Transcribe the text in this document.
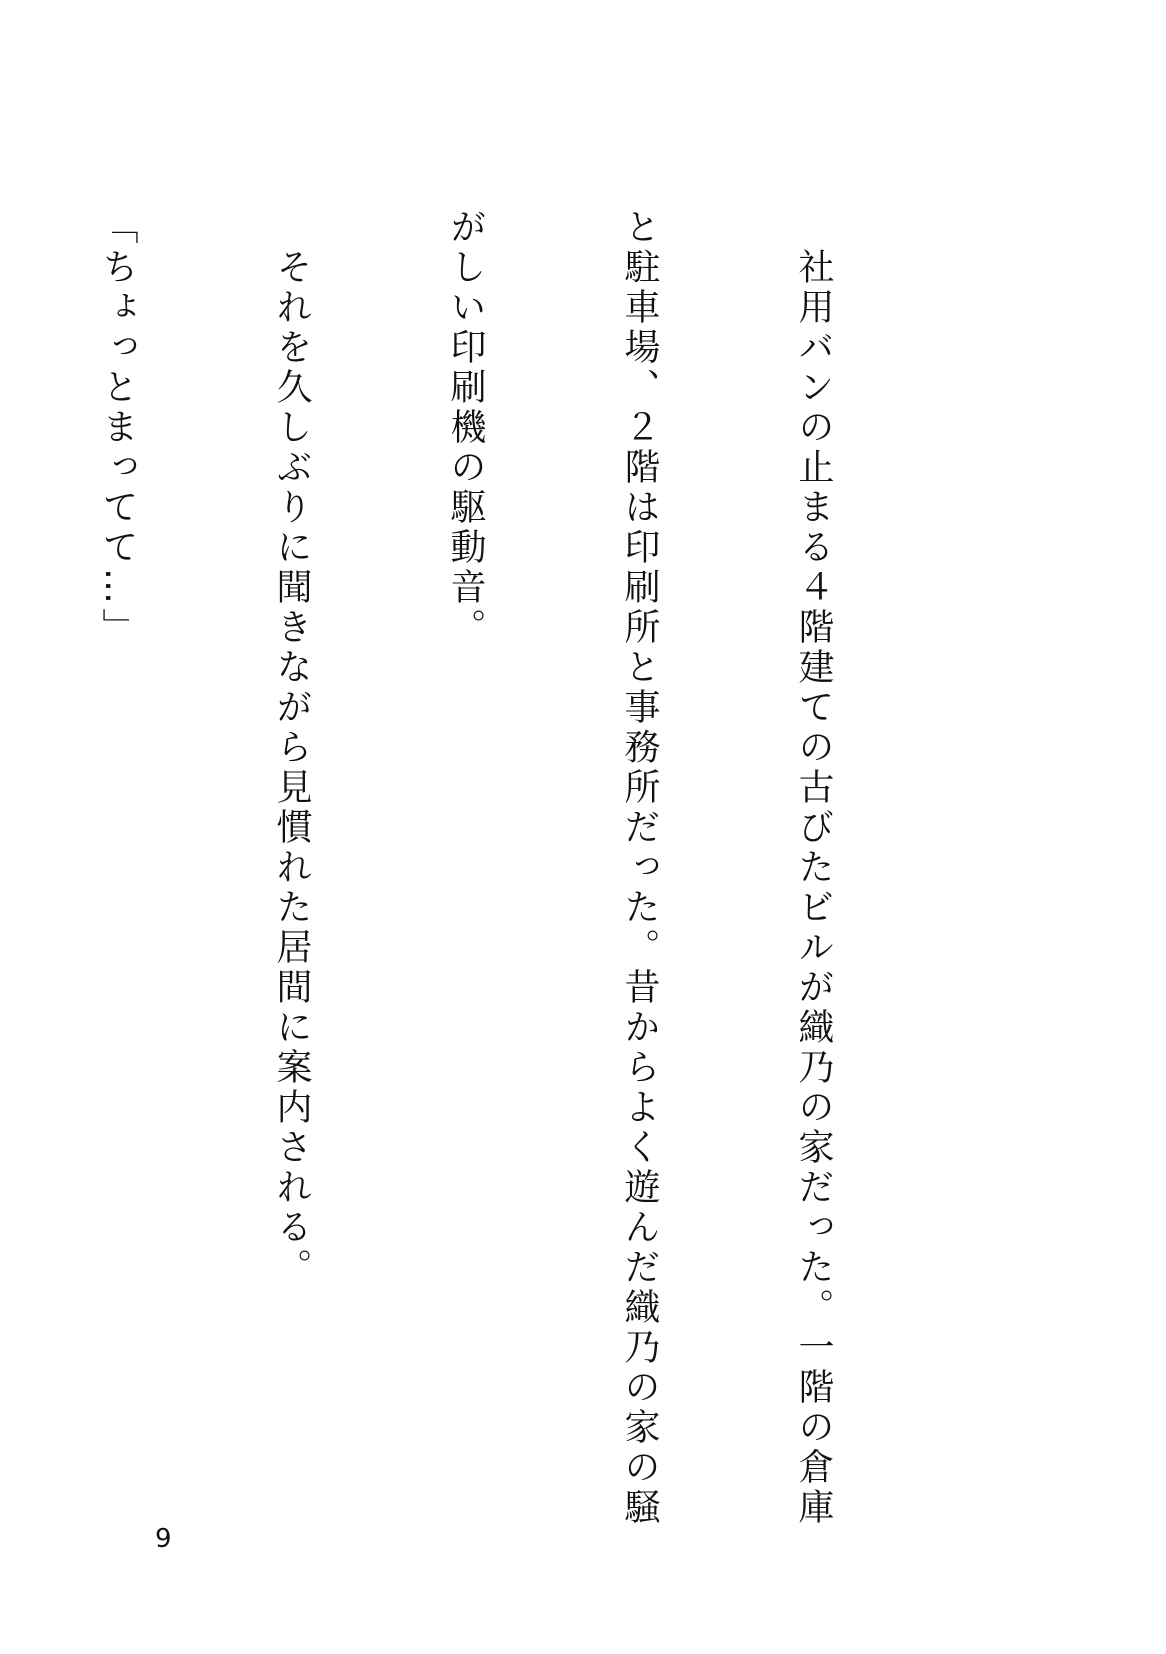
　社用バンの止まる４階建ての古びたビルが織乃の家だった。一階の倉庫

と駐車場、２階は印刷所と事務所だった。昔からよく遊んだ織乃の家の騒

がしい印刷機の駆動音。

　それを久しぶりに聞きながら見慣れた居間に案内される。

「ちょっとまってて…」

9
